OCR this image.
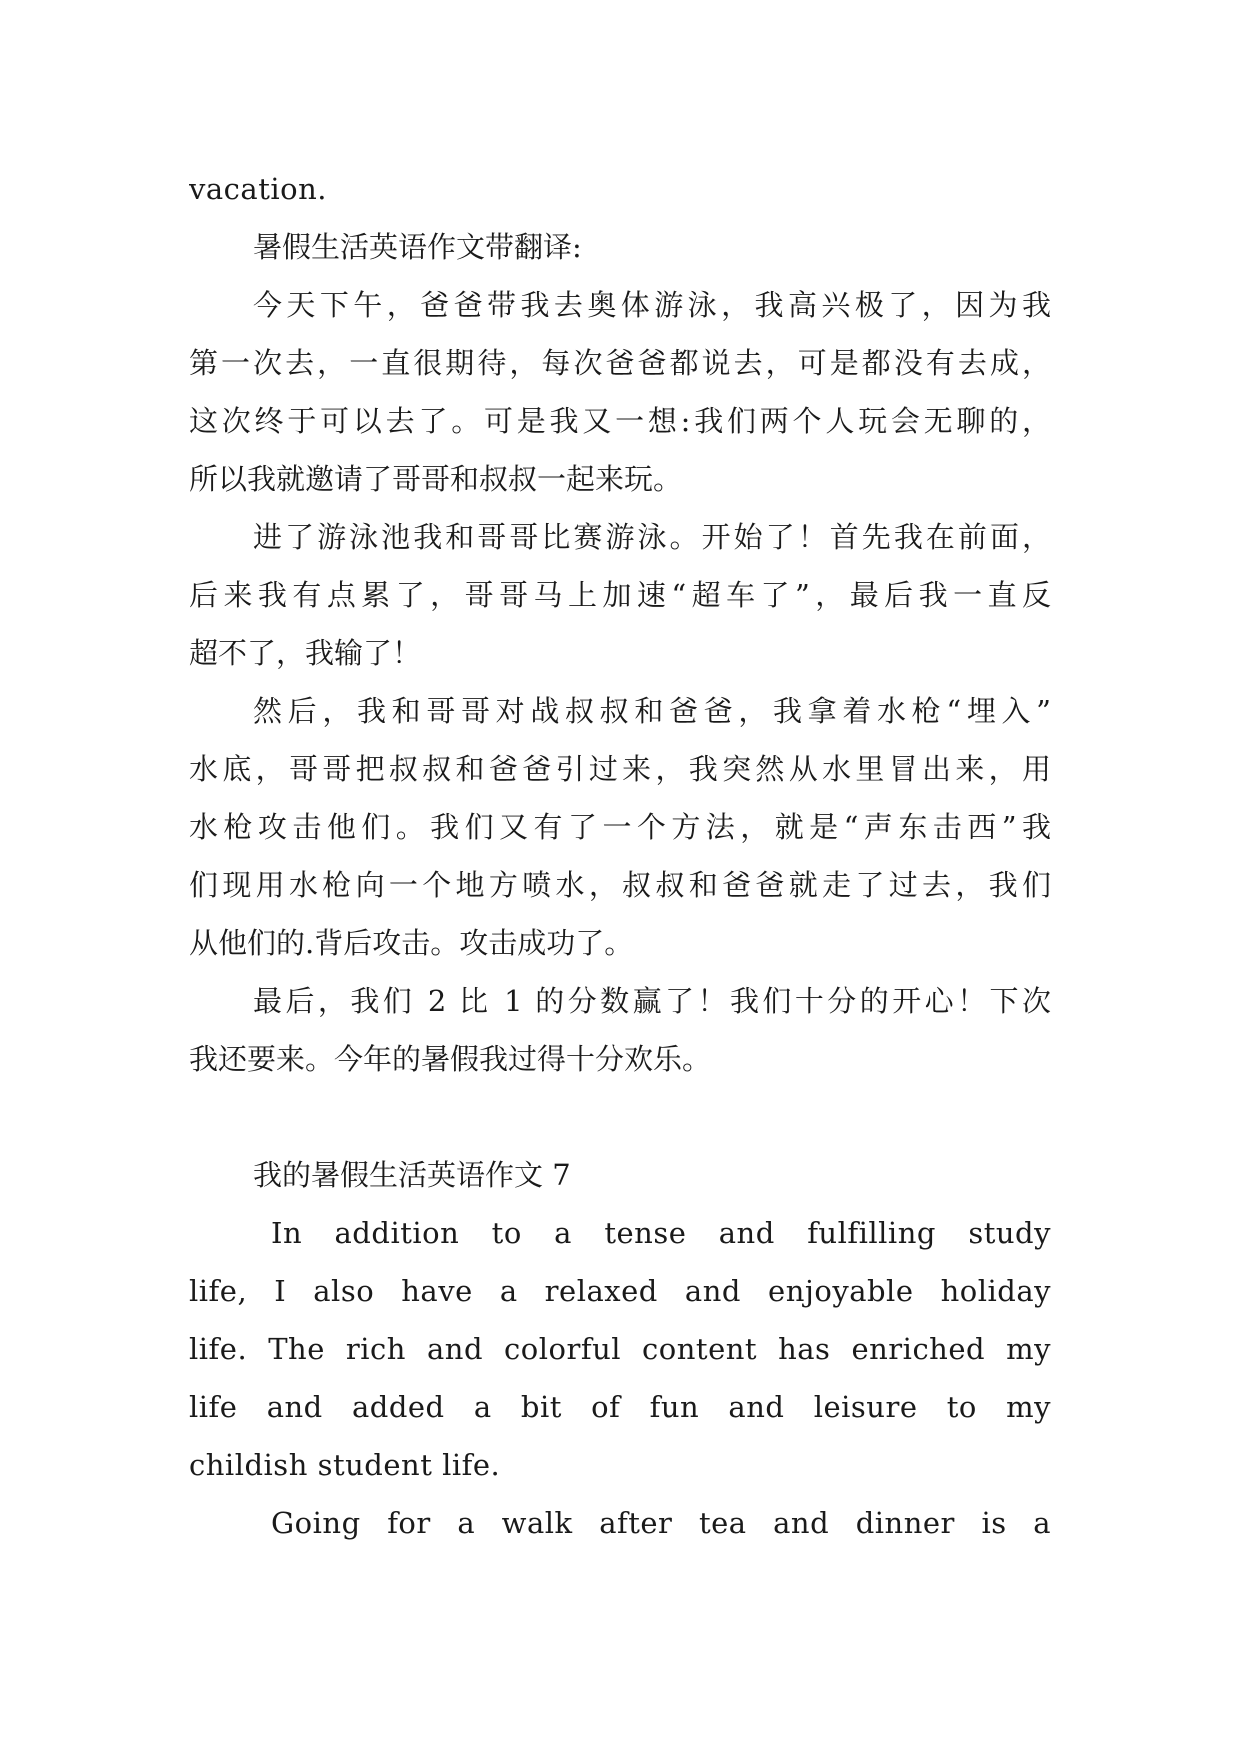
vacation.
暑假生活英语作文带翻译:
今天下午，爸爸带我去奥体游泳，我高兴极了，因为我
第一次去，一直很期待，每次爸爸都说去，可是都没有去成，
这次终于可以去了。可是我又一想:我们两个人玩会无聊的，
所以我就邀请了哥哥和叔叔一起来玩。
进了游泳池我和哥哥比赛游泳。开始了！首先我在前面，
后来我有点累了，哥哥马上加速“超车了”，最后我一直反
超不了，我输了！
然后，我和哥哥对战叔叔和爸爸，我拿着水枪“埋入”
水底，哥哥把叔叔和爸爸引过来，我突然从水里冒出来，用
水枪攻击他们。我们又有了一个方法，就是“声东击西”我
们现用水枪向一个地方喷水，叔叔和爸爸就走了过去，我们
从他们的.背后攻击。攻击成功了。
最后，我们 2 比 1 的分数赢了！我们十分的开心！下次
我还要来。今年的暑假我过得十分欢乐。
我的暑假生活英语作文 7
In addition to a tense and fulfilling study
life, I also have a relaxed and enjoyable holiday
life. The rich and colorful content has enriched my
life and added a bit of fun and leisure to my
childish student life.
Going for a walk after tea and dinner is a
